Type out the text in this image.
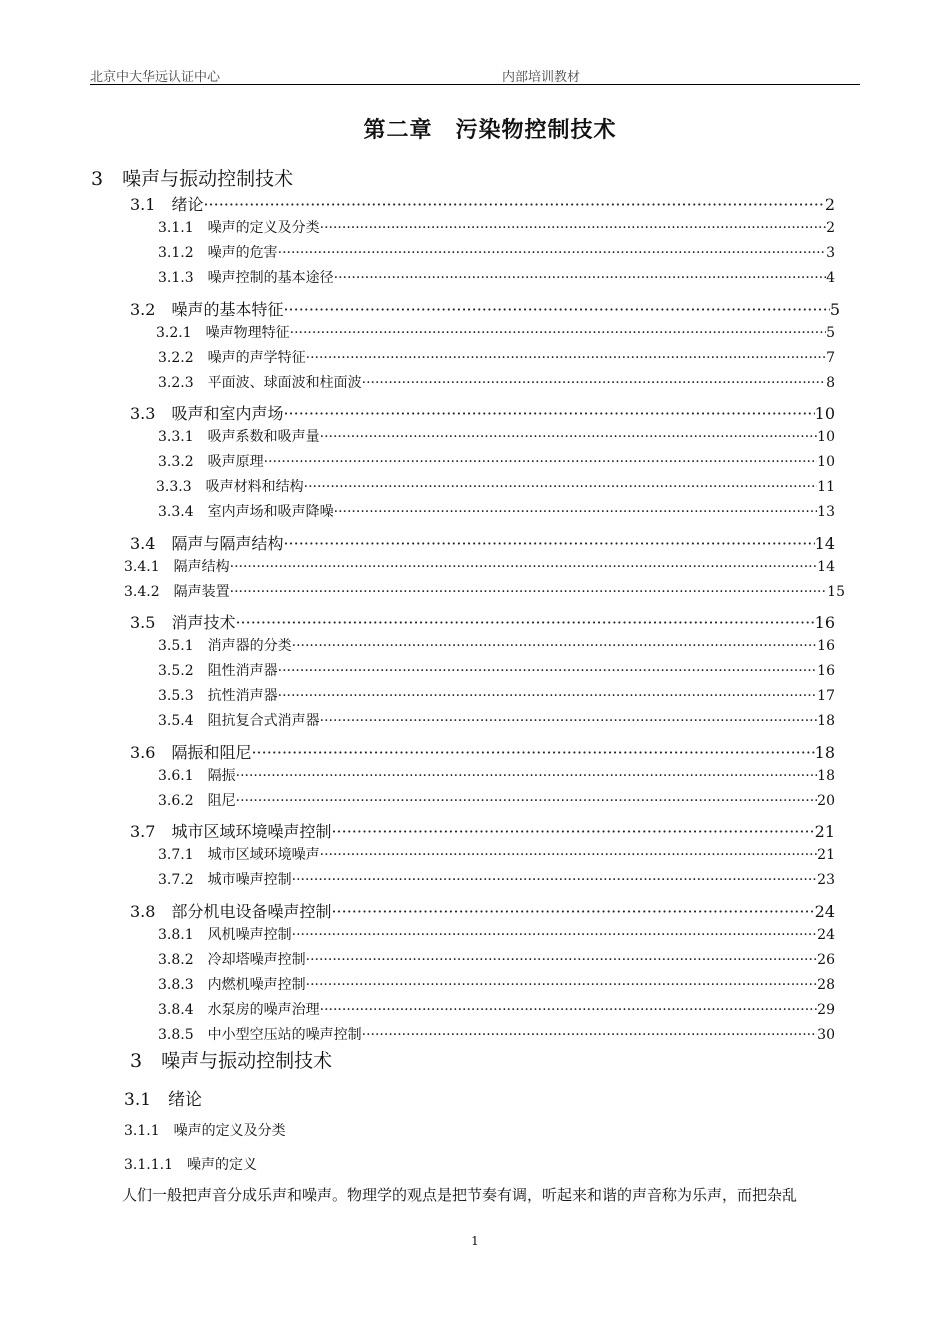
北京中大华远认证中心	内部培训教材
第二章　污染物控制技术
3　噪声与振动控制技术
3.1　绪论 ·····	2
3.1.1　噪声的定义及分类 ·····	2
3.1.2　噪声的危害 ·····	3
3.1.3　噪声控制的基本途径 ·····	4
3.2　噪声的基本特征 ·····	5
3.2.1　噪声物理特征 ·····	5
3.2.2　噪声的声学特征 ·····	7
3.2.3　平面波、球面波和柱面波 ·····	8
3.3　吸声和室内声场 ·····	10
3.3.1　吸声系数和吸声量 ·····	10
3.3.2　吸声原理 ·····	10
3.3.3　吸声材料和结构 ·····	11
3.3.4　室内声场和吸声降噪 ·····	13
3.4　隔声与隔声结构 ·····	14
3.4.1　隔声结构 ·····	14
3.4.2　隔声装置 ·····	15
3.5　消声技术 ·····	16
3.5.1　消声器的分类 ·····	16
3.5.2　阻性消声器 ·····	16
3.5.3　抗性消声器 ·····	17
3.5.4　阻抗复合式消声器 ·····	18
3.6　隔振和阻尼 ·····	18
3.6.1　隔振 ·····	18
3.6.2　阻尼 ·····	20
3.7　城市区域环境噪声控制 ·····	21
3.7.1　城市区域环境噪声 ·····	21
3.7.2　城市噪声控制 ·····	23
3.8　部分机电设备噪声控制 ·····	24
3.8.1　风机噪声控制 ·····	24
3.8.2　冷却塔噪声控制 ·····	26
3.8.3　内燃机噪声控制 ·····	28
3.8.4　水泵房的噪声治理 ·····	29
3.8.5　中小型空压站的噪声控制 ·····	30
3　噪声与振动控制技术
3.1　绪论
3.1.1　噪声的定义及分类
3.1.1.1　噪声的定义
人们一般把声音分成乐声和噪声。物理学的观点是把节奏有调，听起来和谐的声音称为乐声，而把杂乱
1
